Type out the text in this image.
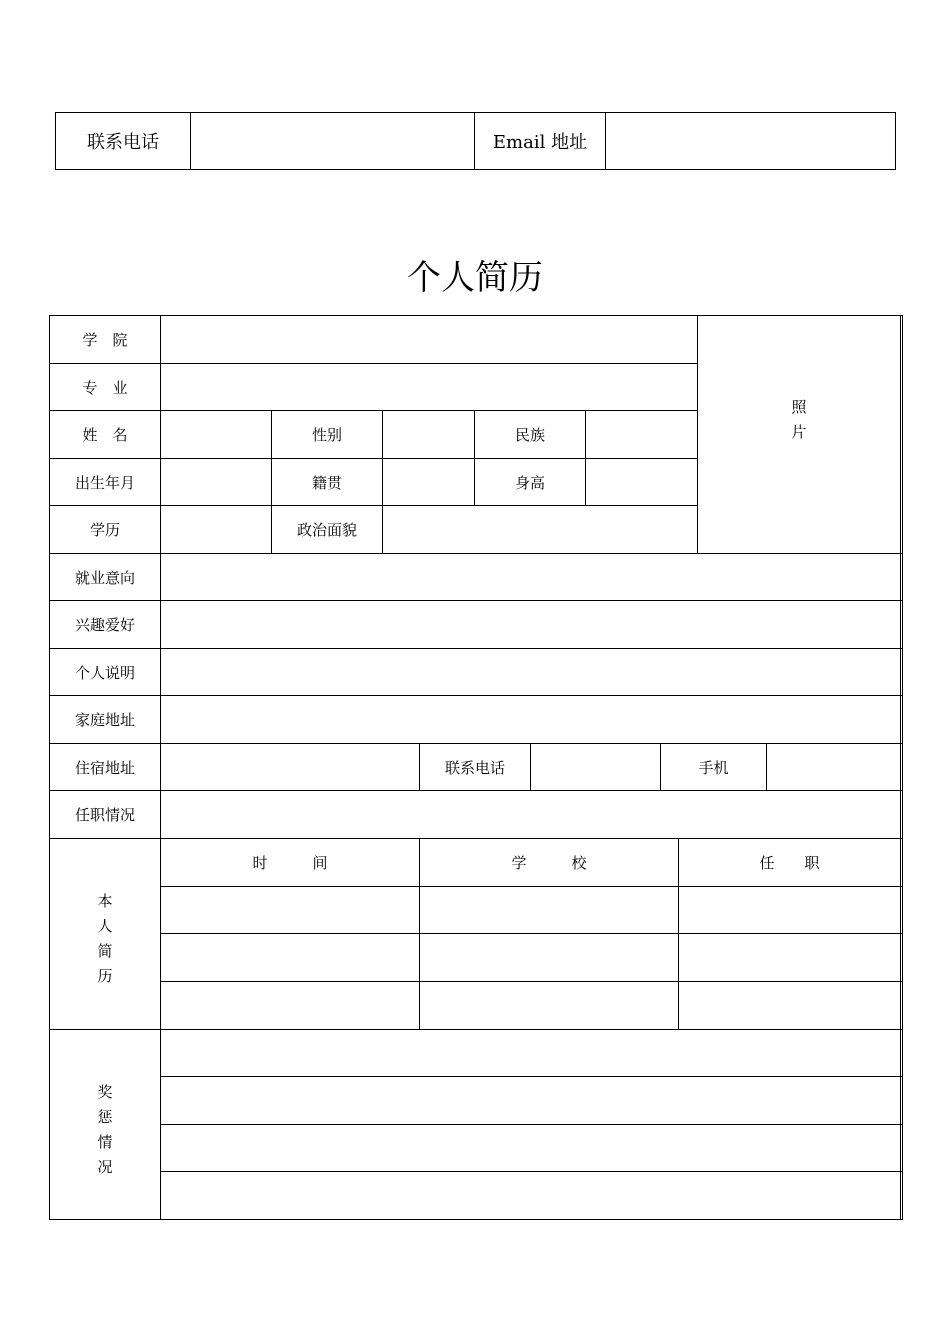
联系电话	Email 地址
个人简历
学　院
专　业
照
片
姓　名	性别	民族
出生年月	籍贯	身高
学历	政治面貌
就业意向
兴趣爱好
个人说明
家庭地址
住宿地址	联系电话	手机
任职情况
本
人
简
历
时　　　间	学　　　校	任　　职
奖
惩
情
况
